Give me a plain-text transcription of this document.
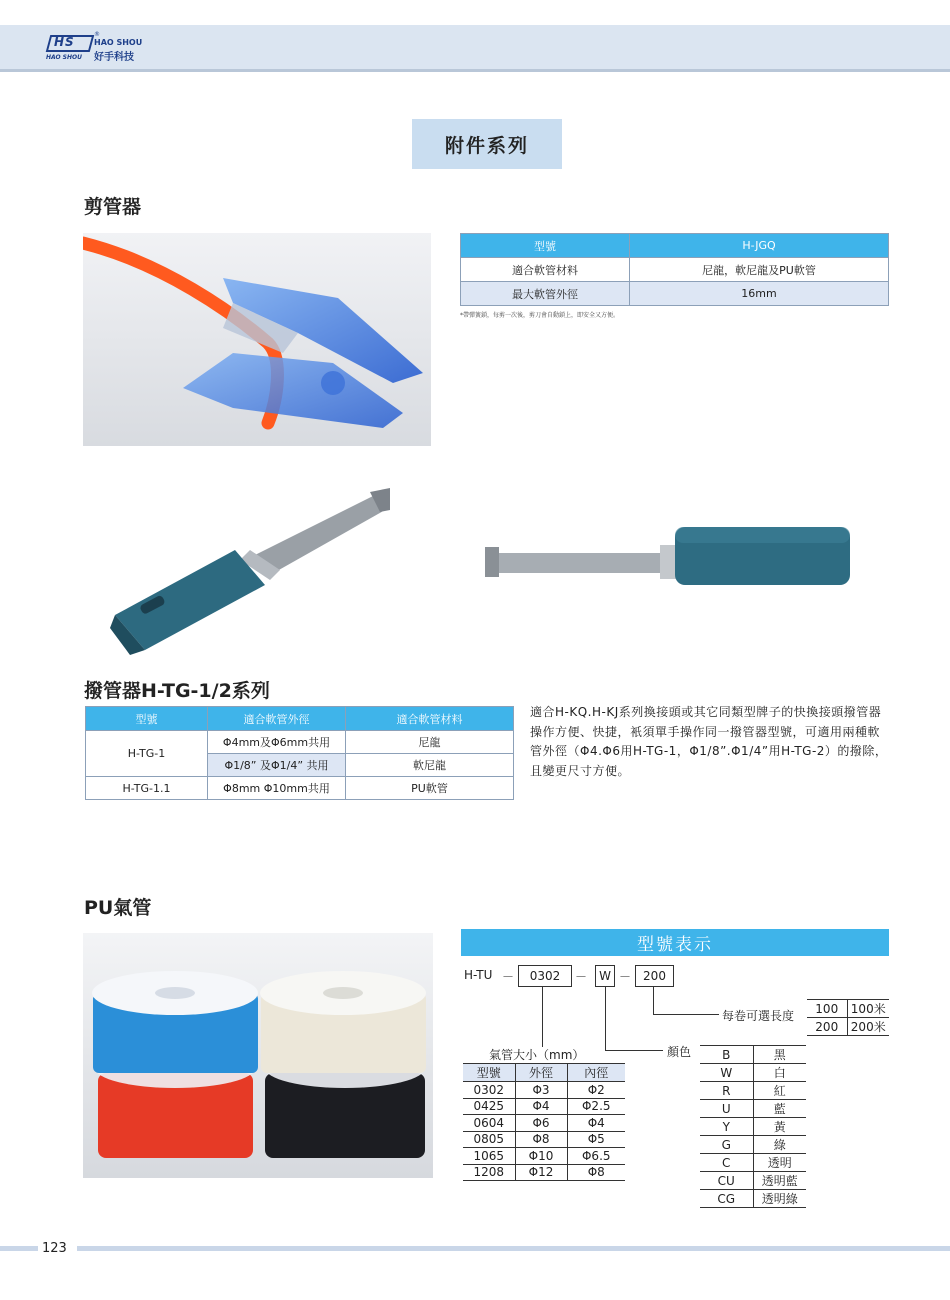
HS
®
HAO SHOU
HAO SHOU 好手科技
附件系列
剪管器
型號	H-JGQ
適合軟管材料	尼龍，軟尼龍及PU軟管
最大軟管外徑	16mm
*帶彈簧鎖，每剪一次後，剪刀會自動鎖上，即安全又方便。
撥管器H-TG-1/2系列
型號	適合軟管外徑	適合軟管材料
H-TG-1	Φ4mm及Φ6mm共用	尼龍
	Φ1/8” 及Φ1/4” 共用	軟尼龍
H-TG-1.1	Φ8mm Φ10mm共用	PU軟管
適合H-KQ.H-KJ系列換接頭或其它同類型牌子的快換接頭撥管器操作方便、快捷，衹須單手操作同一撥管器型號，可適用兩種軟管外徑（Φ4.Φ6用H-TG-1，Φ1/8”.Φ1/4”用H-TG-2）的撥除，且變更尺寸方便。
PU氣管
型號表示
H-TU －	0302	－	W －	200
每卷可選長度
顏色
氣管大小（mm）
100	100米
200	200米
型號	外徑	內徑
0302	Φ3	Φ2
0425	Φ4	Φ2.5
0604	Φ6	Φ4
0805	Φ8	Φ5
1065	Φ10	Φ6.5
1208	Φ12	Φ8
B	黑
W	白
R	紅
U	藍
Y	黃
G	綠
C	透明
CU	透明藍
CG	透明綠
123
